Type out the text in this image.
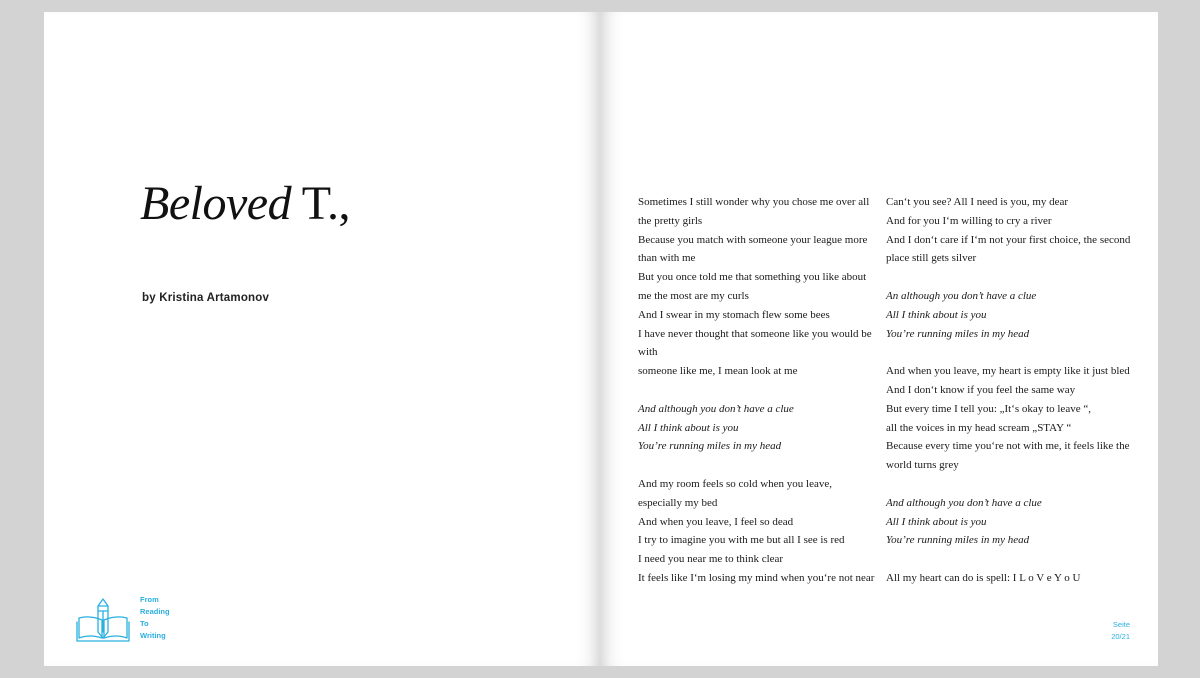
Beloved T.,
by Kristina Artamonov
From
Reading
To
Writing
Sometimes I still wonder why you chose me over all the pretty girls
Because you match with someone your league more than with me
But you once told me that something you like about me the most are my curls
And I swear in my stomach flew some bees
I have never thought that someone like you would be with
someone like me, I mean look at me
And although you don’t have a clue
All I think about is you
You’re running miles in my head
And my room feels so cold when you leave,
especially my bed
And when you leave, I feel so dead
I try to imagine you with me but all I see is red
I need you near me to think clear
It feels like I‘m losing my mind when you‘re not near
Can‘t you see? All I need is you, my dear
And for you I‘m willing to cry a river
And I don‘t care if I‘m not your first choice, the second place still gets silver
An although you don’t have a clue
All I think about is you
You’re running miles in my head
And when you leave, my heart is empty like it just bled
And I don‘t know if you feel the same way
But every time I tell you: „It‘s okay to leave “,
all the voices in my head scream „STAY “
Because every time you‘re not with me, it feels like the world turns grey
And although you don’t have a clue
All I think about is you
You’re running miles in my head
All my heart can do is spell: I L o V e Y o U
Seite
20/21
